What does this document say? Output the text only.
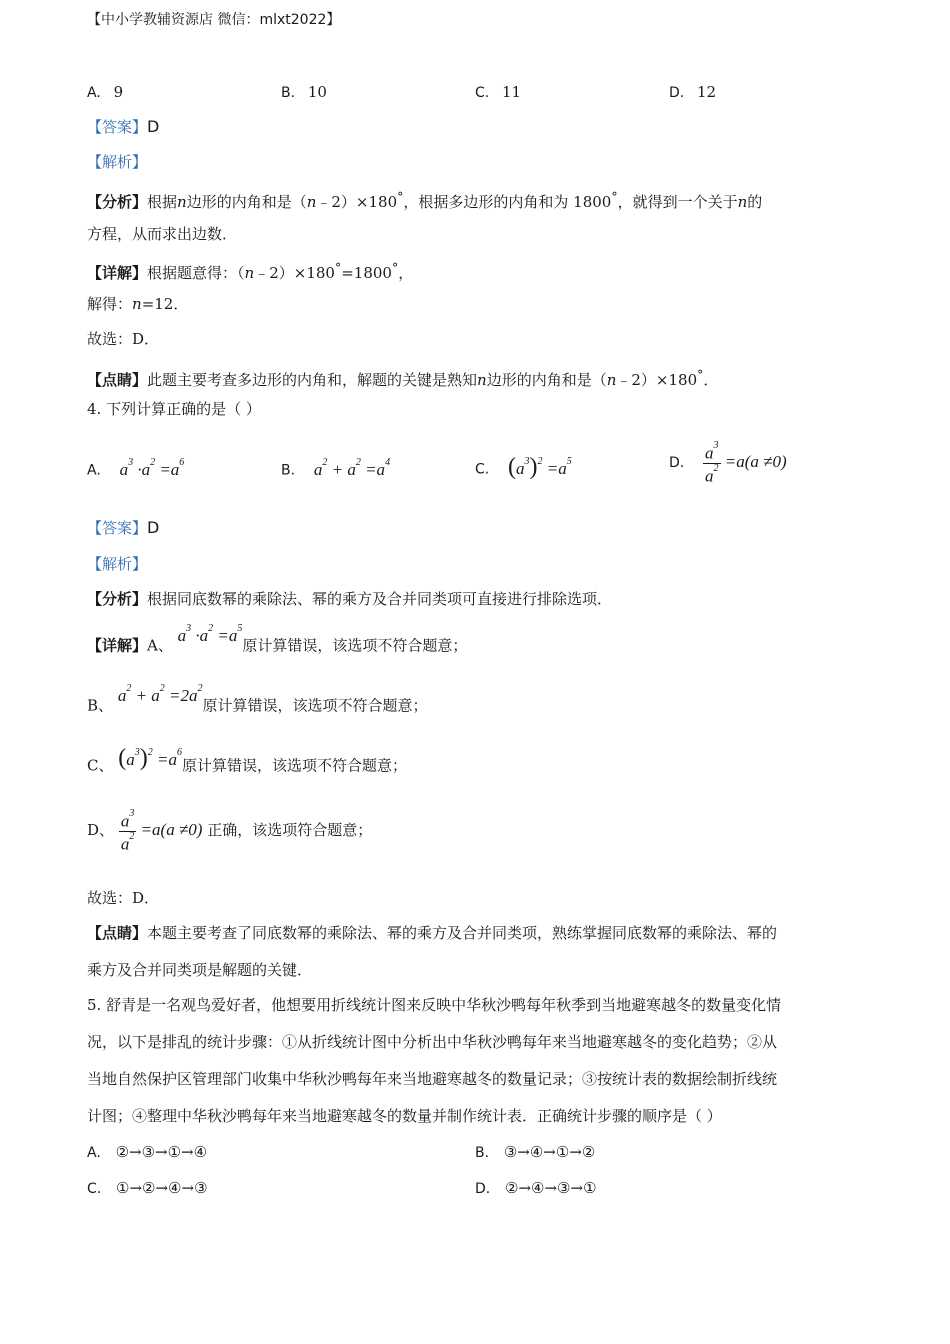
【中小学教辅资源店 微信：mlxt2022】
A. 9	B. 10	C. 11	D. 12
【答案】D
【解析】
【分析】根据n边形的内角和是（n﹣2）×180°，根据多边形的内角和为 1800°，就得到一个关于n的
方程，从而求出边数．
【详解】根据题意得：（n﹣2）×180°=1800°，
解得：n=12．
故选：D．
【点睛】此题主要考查多边形的内角和，解题的关键是熟知n边形的内角和是（n﹣2）×180°．
4. 下列计算正确的是（ ）
A. $a^3 \cdot a^2 =a^6$
B. $a^2 + a^2 =a^4$	C. $(a^3)^2 =a^5$	D. $\frac{a^3}{a^2} =a(a \ne 0)$
【答案】D
【解析】
【分析】根据同底数幂的乘除法、幂的乘方及合并同类项可直接进行排除选项．
【详解】A、 $a^3 \cdot a^2 =a^5$原计算错误，该选项不符合题意；
B、 $a^2 + a^2 =2a^2$原计算错误，该选项不符合题意；
C、 $(a^3)^2 =a^6$原计算错误，该选项不符合题意；
D、 $\frac{a^3}{a^2} =a(a \ne 0)$ 正确，该选项符合题意；
故选：D．
【点睛】本题主要考查了同底数幂的乘除法、幂的乘方及合并同类项，熟练掌握同底数幂的乘除法、幂的
乘方及合并同类项是解题的关键．
5. 舒青是一名观鸟爱好者，他想要用折线统计图来反映中华秋沙鸭每年秋季到当地避寒越冬的数量变化情
况，以下是排乱的统计步骤：①从折线统计图中分析出中华秋沙鸭每年来当地避寒越冬的变化趋势；②从
当地自然保护区管理部门收集中华秋沙鸭每年来当地避寒越冬的数量记录；③按统计表的数据绘制折线统
计图；④整理中华秋沙鸭每年来当地避寒越冬的数量并制作统计表．正确统计步骤的顺序是（ ）
A. ②→③→①→④	B. ③→④→①→②
C. ①→②→④→③	D. ②→④→③→①
